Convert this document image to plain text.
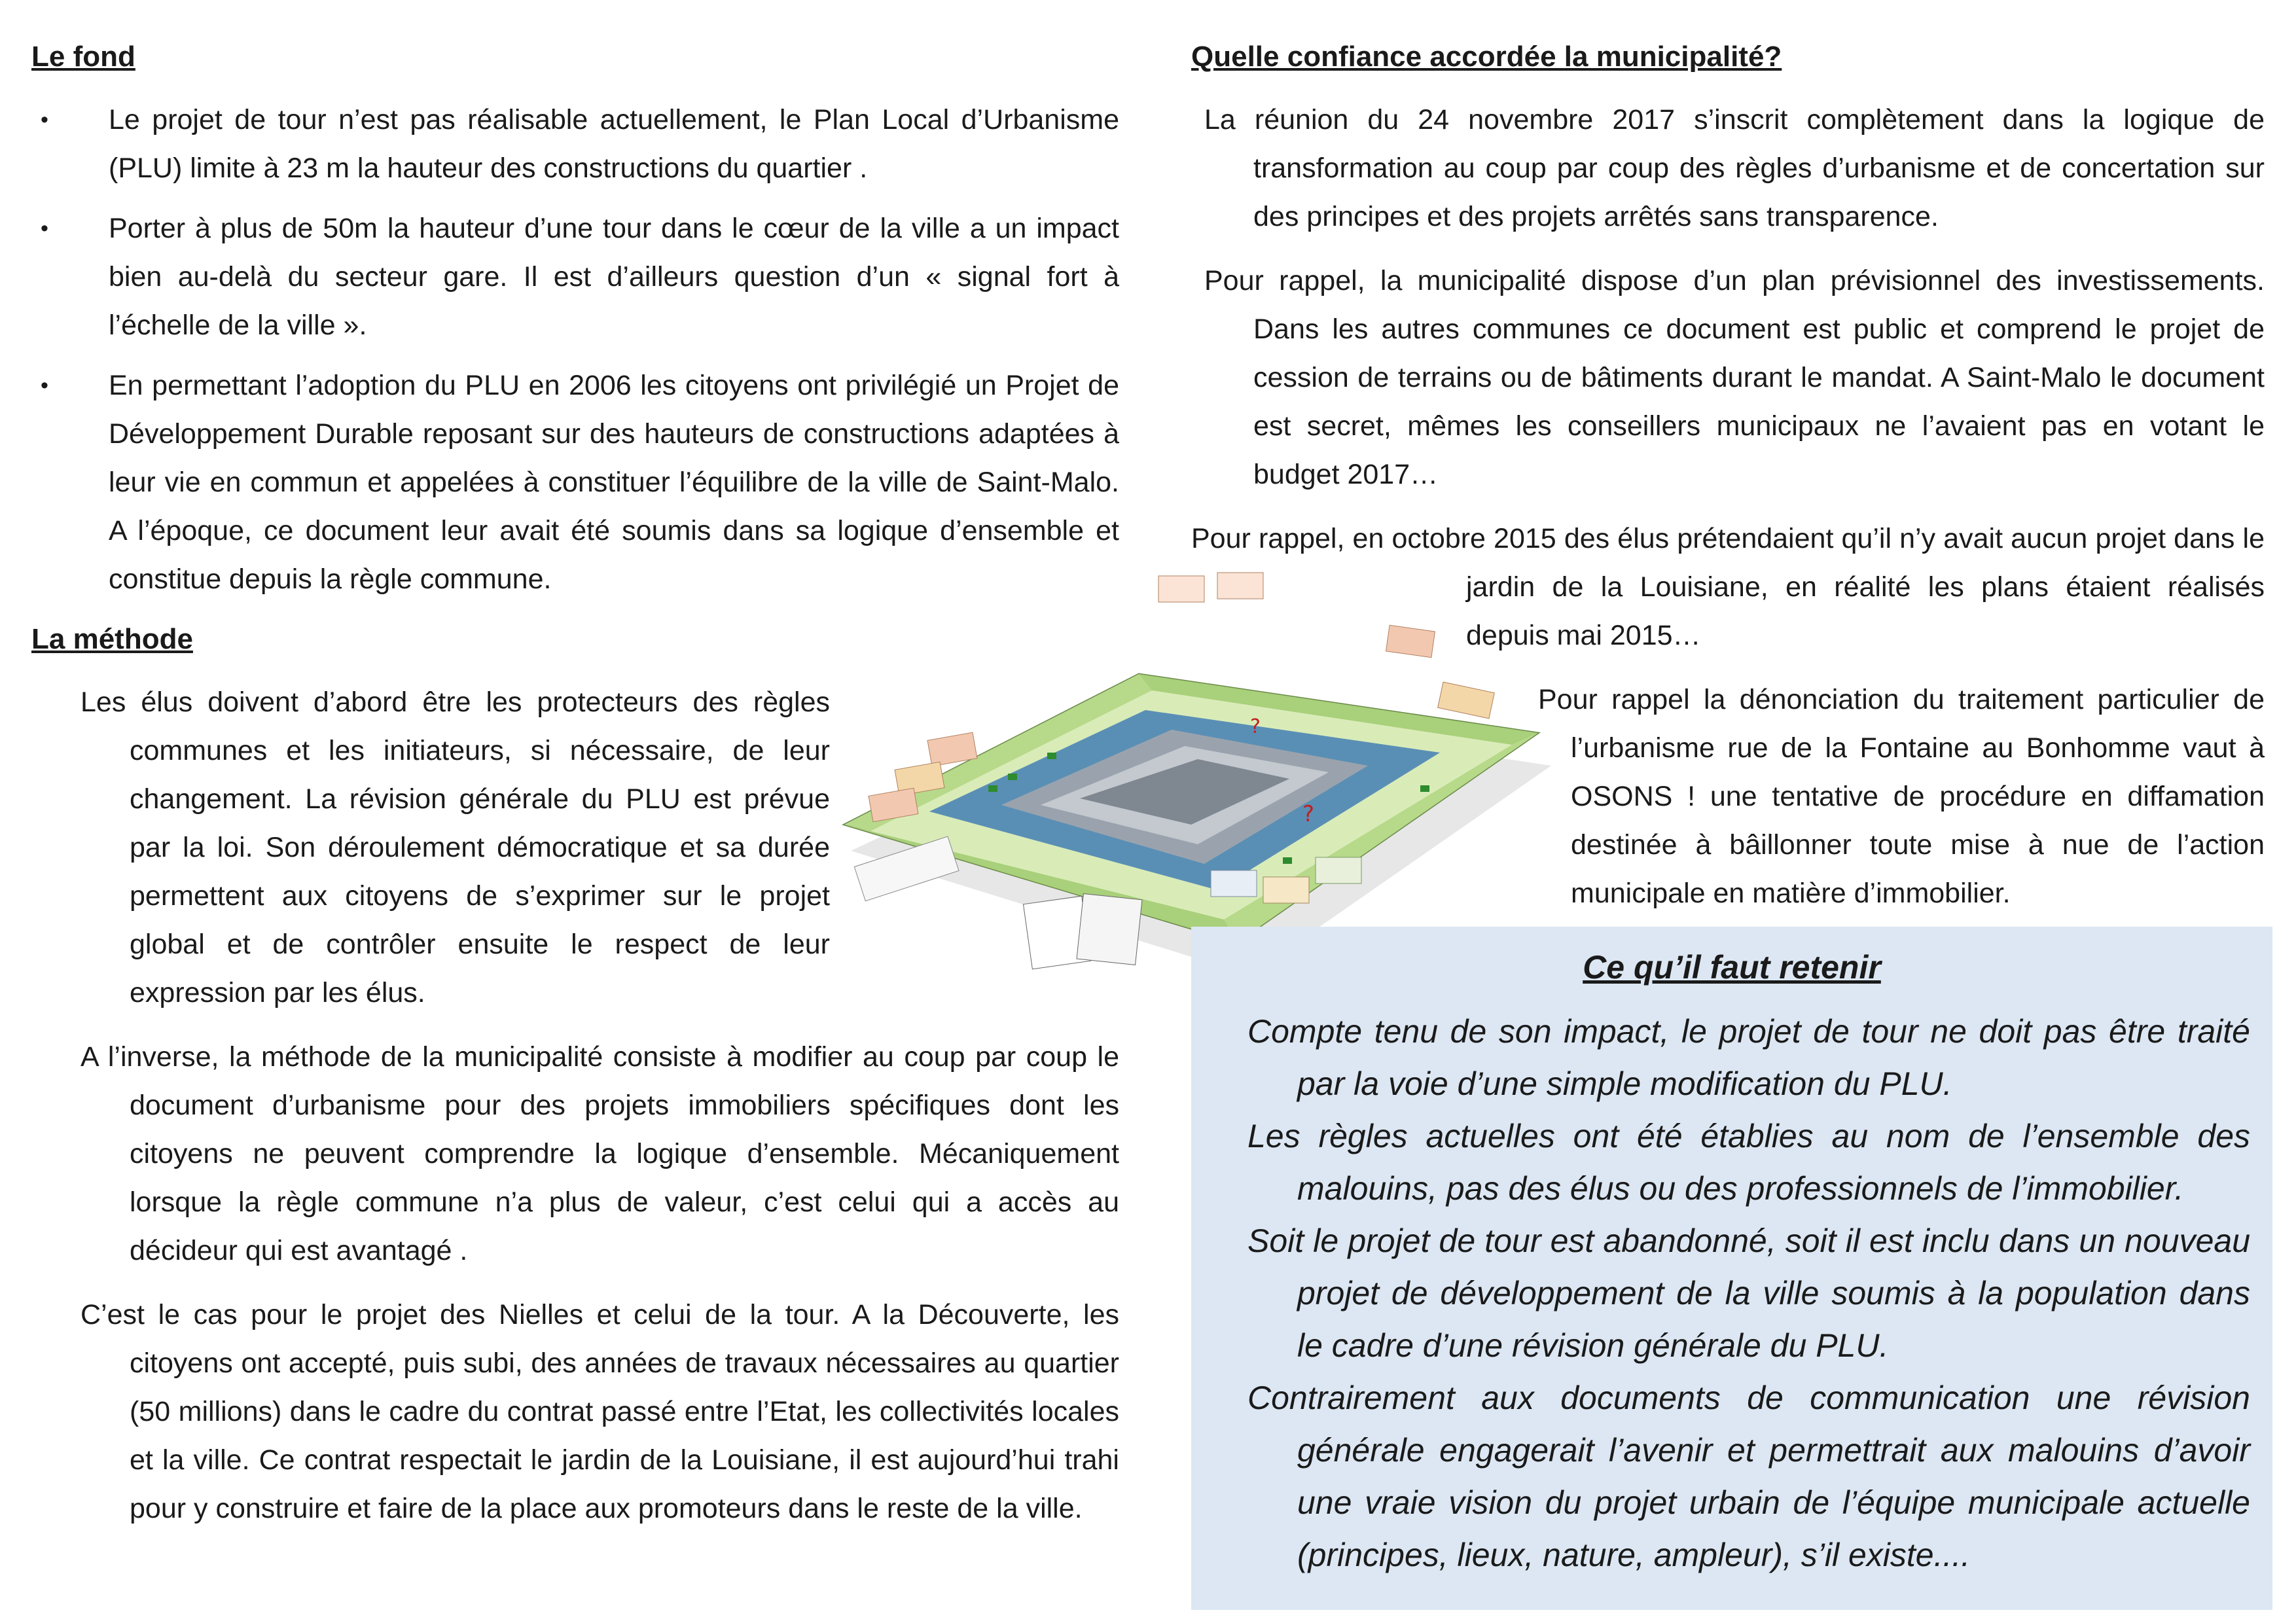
Le fond
• Le projet de tour n’est pas réalisable actuellement, le Plan Local d’Urbanisme (PLU) limite à 23 m la hauteur des constructions du quartier .
• Porter à plus de 50m la hauteur d’une tour dans le cœur de la ville a un impact bien au-delà du secteur gare. Il est d’ailleurs question d’un « signal fort à l’échelle de la ville ».
• En permettant l’adoption du PLU en 2006 les citoyens ont privilégié un Projet de Développement Durable reposant sur des hauteurs de constructions adaptées à leur vie en commun et appelées à constituer l’équilibre de la ville de Saint-Malo. A l’époque, ce document leur avait été soumis dans sa logique d’ensemble et constitue depuis la règle commune.
La méthode

Les élus doivent d’abord être les protecteurs des règles communes et les initiateurs, si nécessaire, de leur changement. La révision générale du PLU est prévue par la loi. Son déroulement démocratique et sa durée permettent aux citoyens de s’exprimer sur le projet global et de contrôler ensuite le respect de leur expression par les élus.

A l’inverse, la méthode de la municipalité consiste à modifier au coup par coup le document d’urbanisme pour des projets immobiliers spécifiques dont les citoyens ne peuvent comprendre la logique d’ensemble. Mécaniquement lorsque la règle commune n’a plus de valeur, c’est celui qui a accès au décideur qui est avantagé .

C’est le cas pour le projet des Nielles et celui de la tour. A la Découverte, les citoyens ont accepté, puis subi, des années de travaux nécessaires au quartier (50 millions) dans le cadre du contrat passé entre l’Etat, les collectivités locales et la ville. Ce contrat respectait le jardin de la Louisiane, il est aujourd’hui trahi pour y construire et faire de la place aux promoteurs dans le reste de la ville.

Quelle confiance accordée la municipalité?

La réunion du 24 novembre 2017 s’inscrit complètement dans la logique de transformation au coup par coup des règles d’urbanisme et de concertation sur des principes et des projets arrêtés sans transparence.

Pour rappel, la municipalité dispose d’un plan prévisionnel des investissements. Dans les autres communes ce document est public et comprend le projet de cession de terrains ou de bâtiments durant le mandat. A Saint-Malo le document est secret, mêmes les conseillers municipaux ne l’avaient pas en votant le budget 2017…

Pour rappel, en octobre 2015 des élus prétendaient qu’il n’y avait aucun projet dans le jardin de la Louisiane, en réalité les plans étaient réalisés depuis mai 2015…

Pour rappel la dénonciation du traitement particulier de l’urbanisme rue de la Fontaine au Bonhomme vaut à OSONS ! une tentative de procédure en diffamation destinée à bâillonner toute mise à nue de l’action municipale en matière d’immobilier.

?
?
Ce qu’il faut retenir

Compte tenu de son impact, le projet de tour ne doit pas être traité par la voie d’une simple modification du PLU.

Les règles actuelles ont été établies au nom de l’ensemble des malouins, pas des élus ou des professionnels de l’immobilier.

Soit le projet de tour est abandonné, soit il est inclu dans un nouveau projet de développement de la ville soumis à la population dans le cadre d’une révision générale du PLU.

Contrairement aux documents de communication une révision générale engagerait l’avenir et permettrait aux malouins d’avoir une vraie vision du projet urbain de l’équipe municipale actuelle (principes, lieux, nature, ampleur), s’il existe....
